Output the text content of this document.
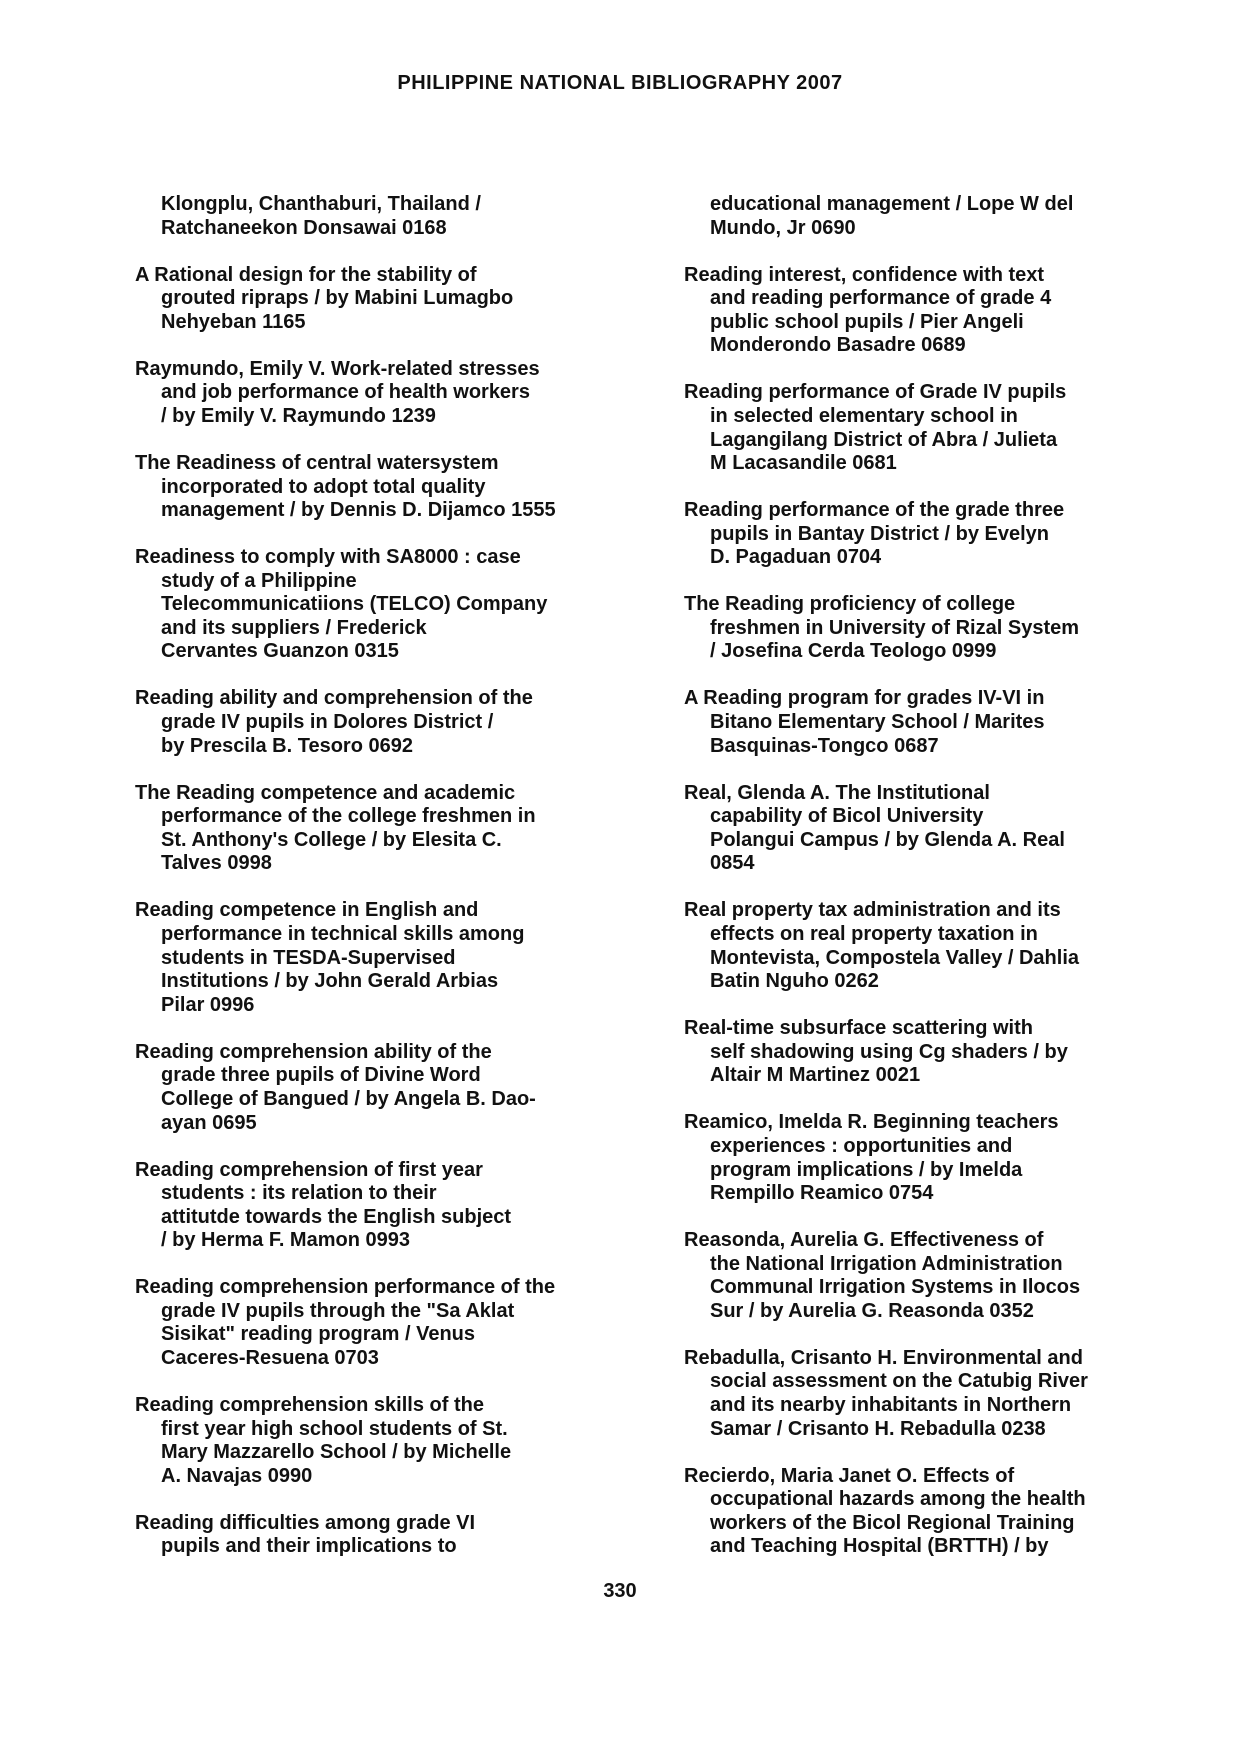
PHILIPPINE NATIONAL BIBLIOGRAPHY 2007

Klongplu, Chanthaburi, Thailand /
Ratchaneekon Donsawai 0168

A Rational design for the stability of
grouted ripraps / by Mabini Lumagbo
Nehyeban 1165

Raymundo, Emily V. Work-related stresses
and job performance of health workers
/ by Emily V. Raymundo 1239

The Readiness of central watersystem
incorporated to adopt total quality
management / by Dennis D. Dijamco 1555

Readiness to comply with SA8000 : case
study of a Philippine
Telecommunicatiions (TELCO) Company
and its suppliers / Frederick
Cervantes Guanzon 0315

Reading ability and comprehension of the
grade IV pupils in Dolores District /
by Prescila B. Tesoro 0692

The Reading competence and academic
performance of the college freshmen in
St. Anthony's College / by Elesita C.
Talves 0998

Reading competence in English and
performance in technical skills among
students in TESDA-Supervised
Institutions / by John Gerald Arbias
Pilar 0996

Reading comprehension ability of the
grade three pupils of Divine Word
College of Bangued / by Angela B. Dao-
ayan 0695

Reading comprehension of first year
students : its relation to their
attitutde towards the English subject
/ by Herma F. Mamon 0993

Reading comprehension performance of the
grade IV pupils through the "Sa Aklat
Sisikat" reading program / Venus
Caceres-Resuena 0703

Reading comprehension skills of the
first year high school students of St.
Mary Mazzarello School / by Michelle
A. Navajas 0990

Reading difficulties among grade VI
pupils and their implications to

educational management / Lope W del
Mundo, Jr 0690

Reading interest, confidence with text
and reading performance of grade 4
public school pupils / Pier Angeli
Monderondo Basadre 0689

Reading performance of Grade IV pupils
in selected elementary school in
Lagangilang District of Abra / Julieta
M Lacasandile 0681

Reading performance of the grade three
pupils in Bantay District / by Evelyn
D. Pagaduan 0704

The Reading proficiency of college
freshmen in University of Rizal System
/ Josefina Cerda Teologo 0999

A Reading program for grades IV-VI in
Bitano Elementary School / Marites
Basquinas-Tongco 0687

Real, Glenda A. The Institutional
capability of Bicol University
Polangui Campus / by Glenda A. Real
0854

Real property tax administration and its
effects on real property taxation in
Montevista, Compostela Valley / Dahlia
Batin Nguho 0262

Real-time subsurface scattering with
self shadowing using Cg shaders / by
Altair M Martinez 0021

Reamico, Imelda R. Beginning teachers
experiences : opportunities and
program implications / by Imelda
Rempillo Reamico 0754

Reasonda, Aurelia G. Effectiveness of
the National Irrigation Administration
Communal Irrigation Systems in Ilocos
Sur / by Aurelia G. Reasonda 0352

Rebadulla, Crisanto H. Environmental and
social assessment on the Catubig River
and its nearby inhabitants in Northern
Samar / Crisanto H. Rebadulla 0238

Recierdo, Maria Janet O. Effects of
occupational hazards among the health
workers of the Bicol Regional Training
and Teaching Hospital (BRTTH) / by

330
